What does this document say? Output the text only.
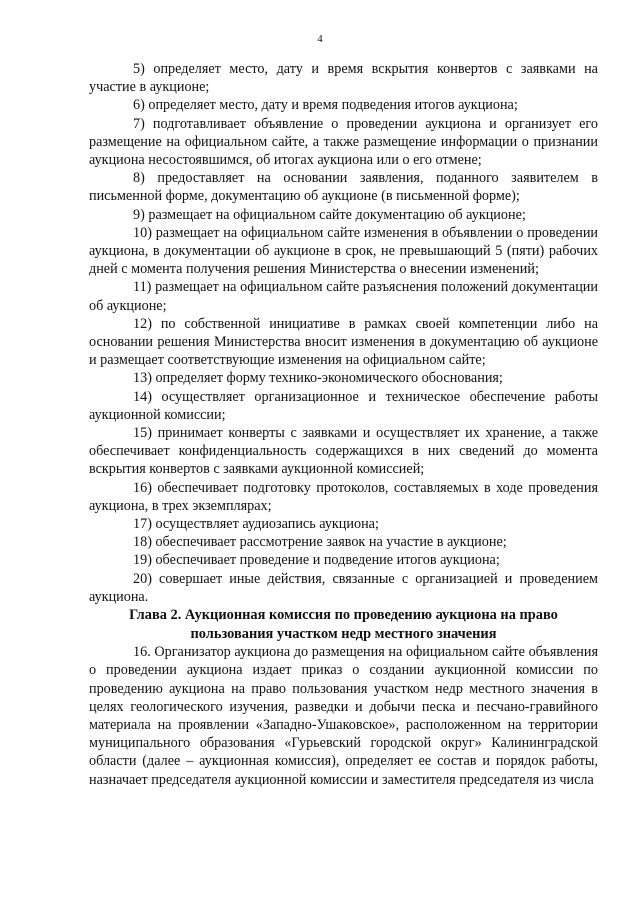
4

5) определяет место, дату и время вскрытия конвертов с заявками на участие в аукционе;

6) определяет место, дату и время подведения итогов аукциона;

7) подготавливает объявление о проведении аукциона и организует его размещение на официальном сайте, а также размещение информации о признании аукциона несостоявшимся, об итогах аукциона или о его отмене;

8) предоставляет на основании заявления, поданного заявителем в письменной форме, документацию об аукционе (в письменной форме);

9) размещает на официальном сайте документацию об аукционе;

10) размещает на официальном сайте изменения в объявлении о проведении аукциона, в документации об аукционе в срок, не превышающий 5 (пяти) рабочих дней с момента получения решения Министерства о внесении изменений;

11) размещает на официальном сайте разъяснения положений документации об аукционе;

12) по собственной инициативе в рамках своей компетенции либо на основании решения Министерства вносит изменения в документацию об аукционе и размещает соответствующие изменения на официальном сайте;

13) определяет форму технико-экономического обоснования;

14) осуществляет организационное и техническое обеспечение работы аукционной комиссии;

15) принимает конверты с заявками и осуществляет их хранение, а также обеспечивает конфиденциальность содержащихся в них сведений до момента вскрытия конвертов с заявками аукционной комиссией;

16) обеспечивает подготовку протоколов, составляемых в ходе проведения аукциона, в трех экземплярах;

17) осуществляет аудиозапись аукциона;

18) обеспечивает рассмотрение заявок на участие в аукционе;

19) обеспечивает проведение и подведение итогов аукциона;

20) совершает иные действия, связанные с организацией и проведением аукциона.

Глава 2. Аукционная комиссия по проведению аукциона на право пользования участком недр местного значения

16. Организатор аукциона до размещения на официальном сайте объявления о проведении аукциона издает приказ о создании аукционной комиссии по проведению аукциона на право пользования участком недр местного значения в целях геологического изучения, разведки и добычи песка и песчано-гравийного материала на проявлении «Западно-Ушаковское», расположенном на территории муниципального образования «Гурьевский городской округ» Калининградской области (далее – аукционная комиссия), определяет ее состав и порядок работы, назначает председателя аукционной комиссии и заместителя председателя из числа
